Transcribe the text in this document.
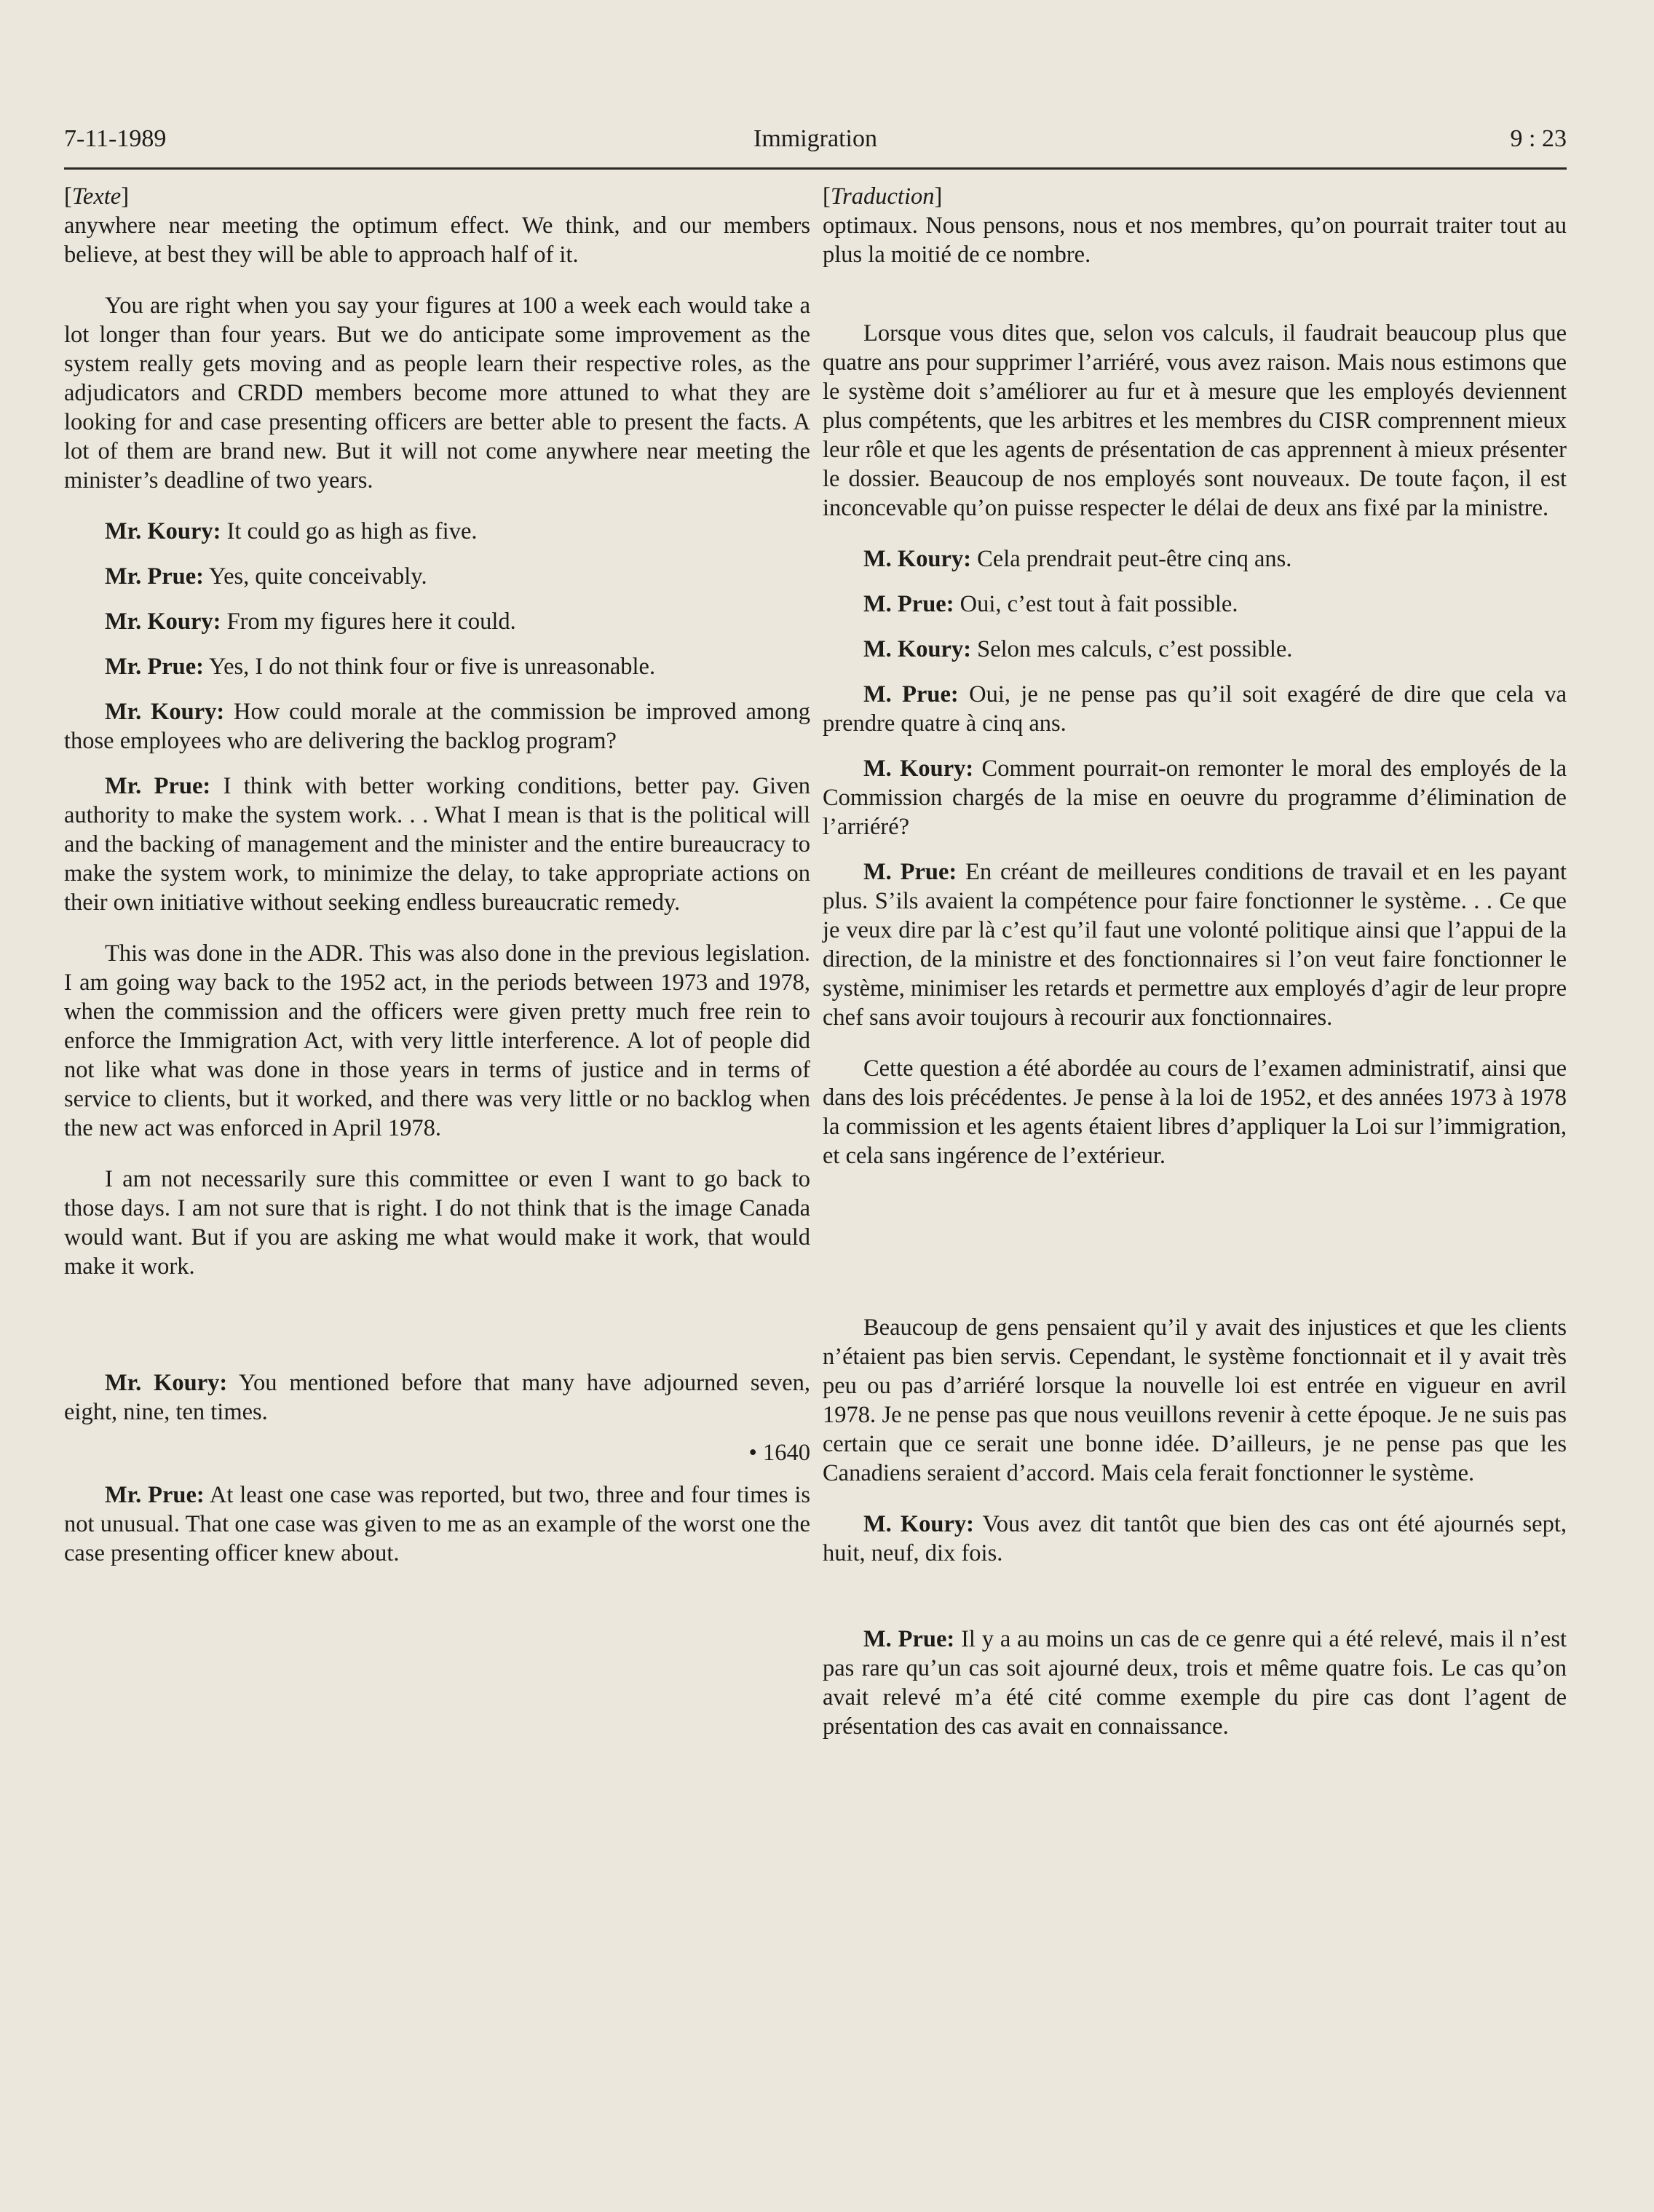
7-11-1989	Immigration	9 : 23

[Texte]

anywhere near meeting the optimum effect. We think, and our members believe, at best they will be able to approach half of it.

You are right when you say your figures at 100 a week each would take a lot longer than four years. But we do anticipate some improvement as the system really gets moving and as people learn their respective roles, as the adjudicators and CRDD members become more attuned to what they are looking for and case presenting officers are better able to present the facts. A lot of them are brand new. But it will not come anywhere near meeting the minister’s deadline of two years.

Mr. Koury: It could go as high as five.

Mr. Prue: Yes, quite conceivably.

Mr. Koury: From my figures here it could.

Mr. Prue: Yes, I do not think four or five is unreasonable.

Mr. Koury: How could morale at the commission be improved among those employees who are delivering the backlog program?

Mr. Prue: I think with better working conditions, better pay. Given authority to make the system work. . . What I mean is that is the political will and the backing of management and the minister and the entire bureaucracy to make the system work, to minimize the delay, to take appropriate actions on their own initiative without seeking endless bureaucratic remedy.

This was done in the ADR. This was also done in the previous legislation. I am going way back to the 1952 act, in the periods between 1973 and 1978, when the commission and the officers were given pretty much free rein to enforce the Immigration Act, with very little interference. A lot of people did not like what was done in those years in terms of justice and in terms of service to clients, but it worked, and there was very little or no backlog when the new act was enforced in April 1978.

I am not necessarily sure this committee or even I want to go back to those days. I am not sure that is right. I do not think that is the image Canada would want. But if you are asking me what would make it work, that would make it work.

Mr. Koury: You mentioned before that many have adjourned seven, eight, nine, ten times.

• 1640

Mr. Prue: At least one case was reported, but two, three and four times is not unusual. That one case was given to me as an example of the worst one the case presenting officer knew about.

[Traduction]

optimaux. Nous pensons, nous et nos membres, qu’on pourrait traiter tout au plus la moitié de ce nombre.

Lorsque vous dites que, selon vos calculs, il faudrait beaucoup plus que quatre ans pour supprimer l’arriéré, vous avez raison. Mais nous estimons que le système doit s’améliorer au fur et à mesure que les employés deviennent plus compétents, que les arbitres et les membres du CISR comprennent mieux leur rôle et que les agents de présentation de cas apprennent à mieux présenter le dossier. Beaucoup de nos employés sont nouveaux. De toute façon, il est inconcevable qu’on puisse respecter le délai de deux ans fixé par la ministre.

M. Koury: Cela prendrait peut-être cinq ans.

M. Prue: Oui, c’est tout à fait possible.

M. Koury: Selon mes calculs, c’est possible.

M. Prue: Oui, je ne pense pas qu’il soit exagéré de dire que cela va prendre quatre à cinq ans.

M. Koury: Comment pourrait-on remonter le moral des employés de la Commission chargés de la mise en oeuvre du programme d’élimination de l’arriéré?

M. Prue: En créant de meilleures conditions de travail et en les payant plus. S’ils avaient la compétence pour faire fonctionner le système. . . Ce que je veux dire par là c’est qu’il faut une volonté politique ainsi que l’appui de la direction, de la ministre et des fonctionnaires si l’on veut faire fonctionner le système, minimiser les retards et permettre aux employés d’agir de leur propre chef sans avoir toujours à recourir aux fonctionnaires.

Cette question a été abordée au cours de l’examen administratif, ainsi que dans des lois précédentes. Je pense à la loi de 1952, et des années 1973 à 1978 la commission et les agents étaient libres d’appliquer la Loi sur l’immigration, et cela sans ingérence de l’extérieur.

Beaucoup de gens pensaient qu’il y avait des injustices et que les clients n’étaient pas bien servis. Cependant, le système fonctionnait et il y avait très peu ou pas d’arriéré lorsque la nouvelle loi est entrée en vigueur en avril 1978. Je ne pense pas que nous veuillons revenir à cette époque. Je ne suis pas certain que ce serait une bonne idée. D’ailleurs, je ne pense pas que les Canadiens seraient d’accord. Mais cela ferait fonctionner le système.

M. Koury: Vous avez dit tantôt que bien des cas ont été ajournés sept, huit, neuf, dix fois.

M. Prue: Il y a au moins un cas de ce genre qui a été relevé, mais il n’est pas rare qu’un cas soit ajourné deux, trois et même quatre fois. Le cas qu’on avait relevé m’a été cité comme exemple du pire cas dont l’agent de présentation des cas avait en connaissance.
